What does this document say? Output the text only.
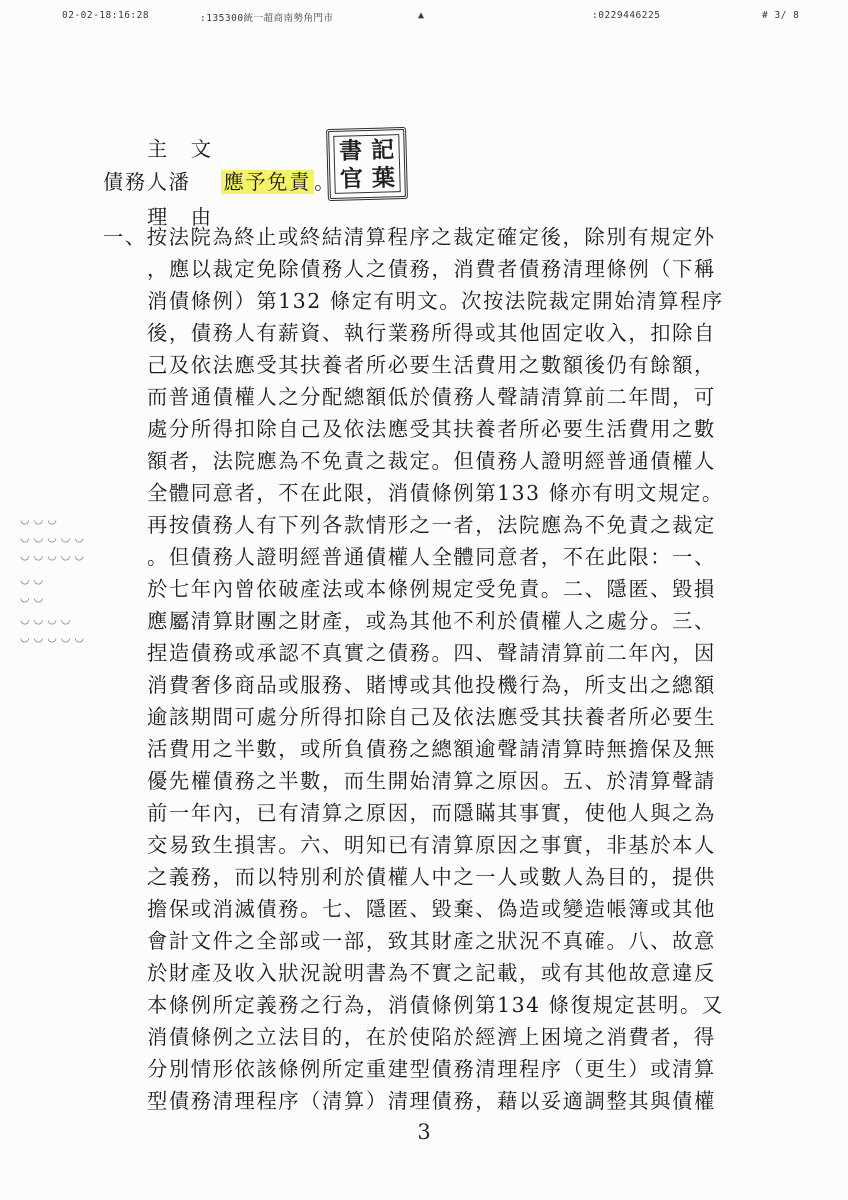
02-02-18:16:28	:135300統一超商南勢角門市	▲	:0229446225	# 3/ 8
◡◡◡
◡◡◡◡◡
◡◡◡◡◡
◡◡
◡◡
◡◡◡◡
◡◡◡◡◡
主　文
債務人潘 應予免責 。
理　由
一、按法院為終止或終結清算程序之裁定確定後，除別有規定外
，應以裁定免除債務人之債務，消費者債務清理條例（下稱
消債條例）第132 條定有明文。次按法院裁定開始清算程序
後，債務人有薪資、執行業務所得或其他固定收入，扣除自
己及依法應受其扶養者所必要生活費用之數額後仍有餘額，
而普通債權人之分配總額低於債務人聲請清算前二年間，可
處分所得扣除自己及依法應受其扶養者所必要生活費用之數
額者，法院應為不免責之裁定。但債務人證明經普通債權人
全體同意者，不在此限，消債條例第133 條亦有明文規定。
再按債務人有下列各款情形之一者，法院應為不免責之裁定
。但債務人證明經普通債權人全體同意者，不在此限：一、
於七年內曾依破產法或本條例規定受免責。二、隱匿、毀損
應屬清算財團之財產，或為其他不利於債權人之處分。三、
捏造債務或承認不真實之債務。四、聲請清算前二年內，因
消費奢侈商品或服務、賭博或其他投機行為，所支出之總額
逾該期間可處分所得扣除自己及依法應受其扶養者所必要生
活費用之半數，或所負債務之總額逾聲請清算時無擔保及無
優先權債務之半數，而生開始清算之原因。五、於清算聲請
前一年內，已有清算之原因，而隱瞞其事實，使他人與之為
交易致生損害。六、明知已有清算原因之事實，非基於本人
之義務，而以特別利於債權人中之一人或數人為目的，提供
擔保或消滅債務。七、隱匿、毀棄、偽造或變造帳簿或其他
會計文件之全部或一部，致其財產之狀況不真確。八、故意
於財產及收入狀況說明書為不實之記載，或有其他故意違反
本條例所定義務之行為，消債條例第134 條復規定甚明。又
消債條例之立法目的，在於使陷於經濟上困境之消費者，得
分別情形依該條例所定重建型債務清理程序（更生）或清算
書 記
官 葉
型債務清理程序（清算）清理債務，藉以妥適調整其與債權
3
